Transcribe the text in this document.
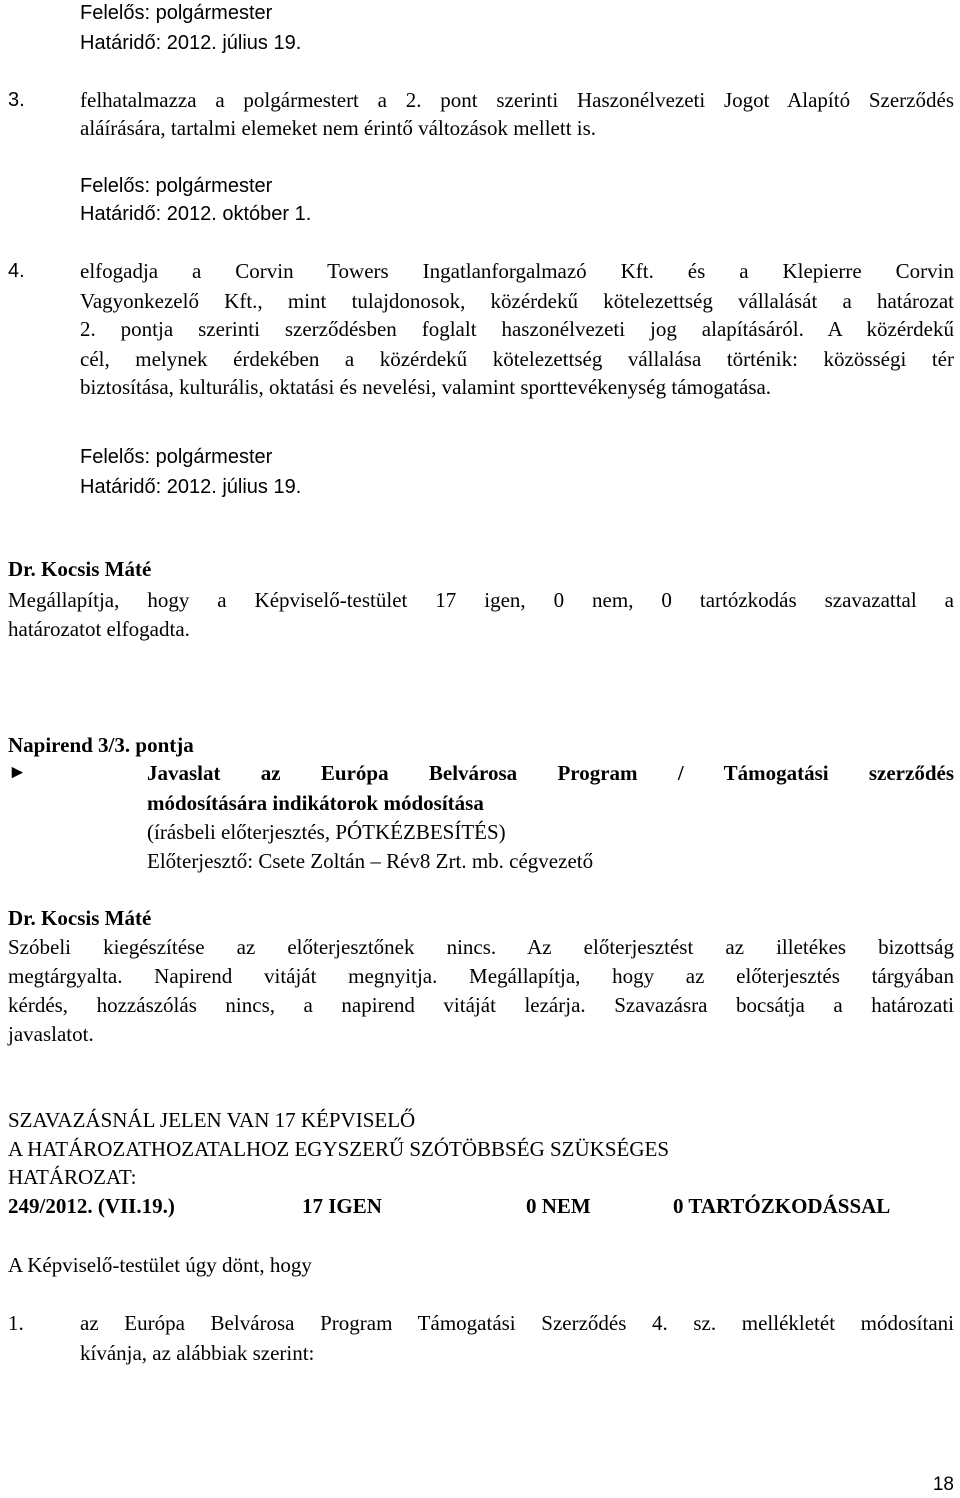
Felelős: polgármester
Határidő: 2012. július 19.
3.	felhatalmazza a polgármestert a 2. pont szerinti Haszonélvezeti Jogot Alapító Szerződés
aláírására, tartalmi elemeket nem érintő változások mellett is.
Felelős: polgármester
Határidő: 2012. október 1.
4.	elfogadja a Corvin Towers Ingatlanforgalmazó Kft. és a Klepierre Corvin
Vagyonkezelő Kft., mint tulajdonosok, közérdekű kötelezettség vállalását a határozat
2. pontja szerinti szerződésben foglalt haszonélvezeti jog alapításáról. A közérdekű
cél, melynek érdekében a közérdekű kötelezettség vállalása történik: közösségi tér
biztosítása, kulturális, oktatási és nevelési, valamint sporttevékenység támogatása.
Felelős: polgármester
Határidő: 2012. július 19.
Dr. Kocsis Máté
Megállapítja, hogy a Képviselő-testület 17 igen, 0 nem, 0 tartózkodás szavazattal a
határozatot elfogadta.
Napirend 3/3. pontja
►	Javaslat az Európa Belvárosa Program / Támogatási szerződés
módosítására indikátorok módosítása
(írásbeli előterjesztés, PÓTKÉZBESÍTÉS)
Előterjesztő: Csete Zoltán – Rév8 Zrt. mb. cégvezető
Dr. Kocsis Máté
Szóbeli kiegészítése az előterjesztőnek nincs. Az előterjesztést az illetékes bizottság
megtárgyalta. Napirend vitáját megnyitja. Megállapítja, hogy az előterjesztés tárgyában
kérdés, hozzászólás nincs, a napirend vitáját lezárja. Szavazásra bocsátja a határozati
javaslatot.
SZAVAZÁSNÁL JELEN VAN 17 KÉPVISELŐ
A HATÁROZATHOZATALHOZ EGYSZERŰ SZÓTÖBBSÉG SZÜKSÉGES
HATÁROZAT:
249/2012. (VII.19.)	17 IGEN	0 NEM	0 TARTÓZKODÁSSAL
A Képviselő-testület úgy dönt, hogy
1.	az Európa Belvárosa Program Támogatási Szerződés 4. sz. mellékletét módosítani
kívánja, az alábbiak szerint:
18
